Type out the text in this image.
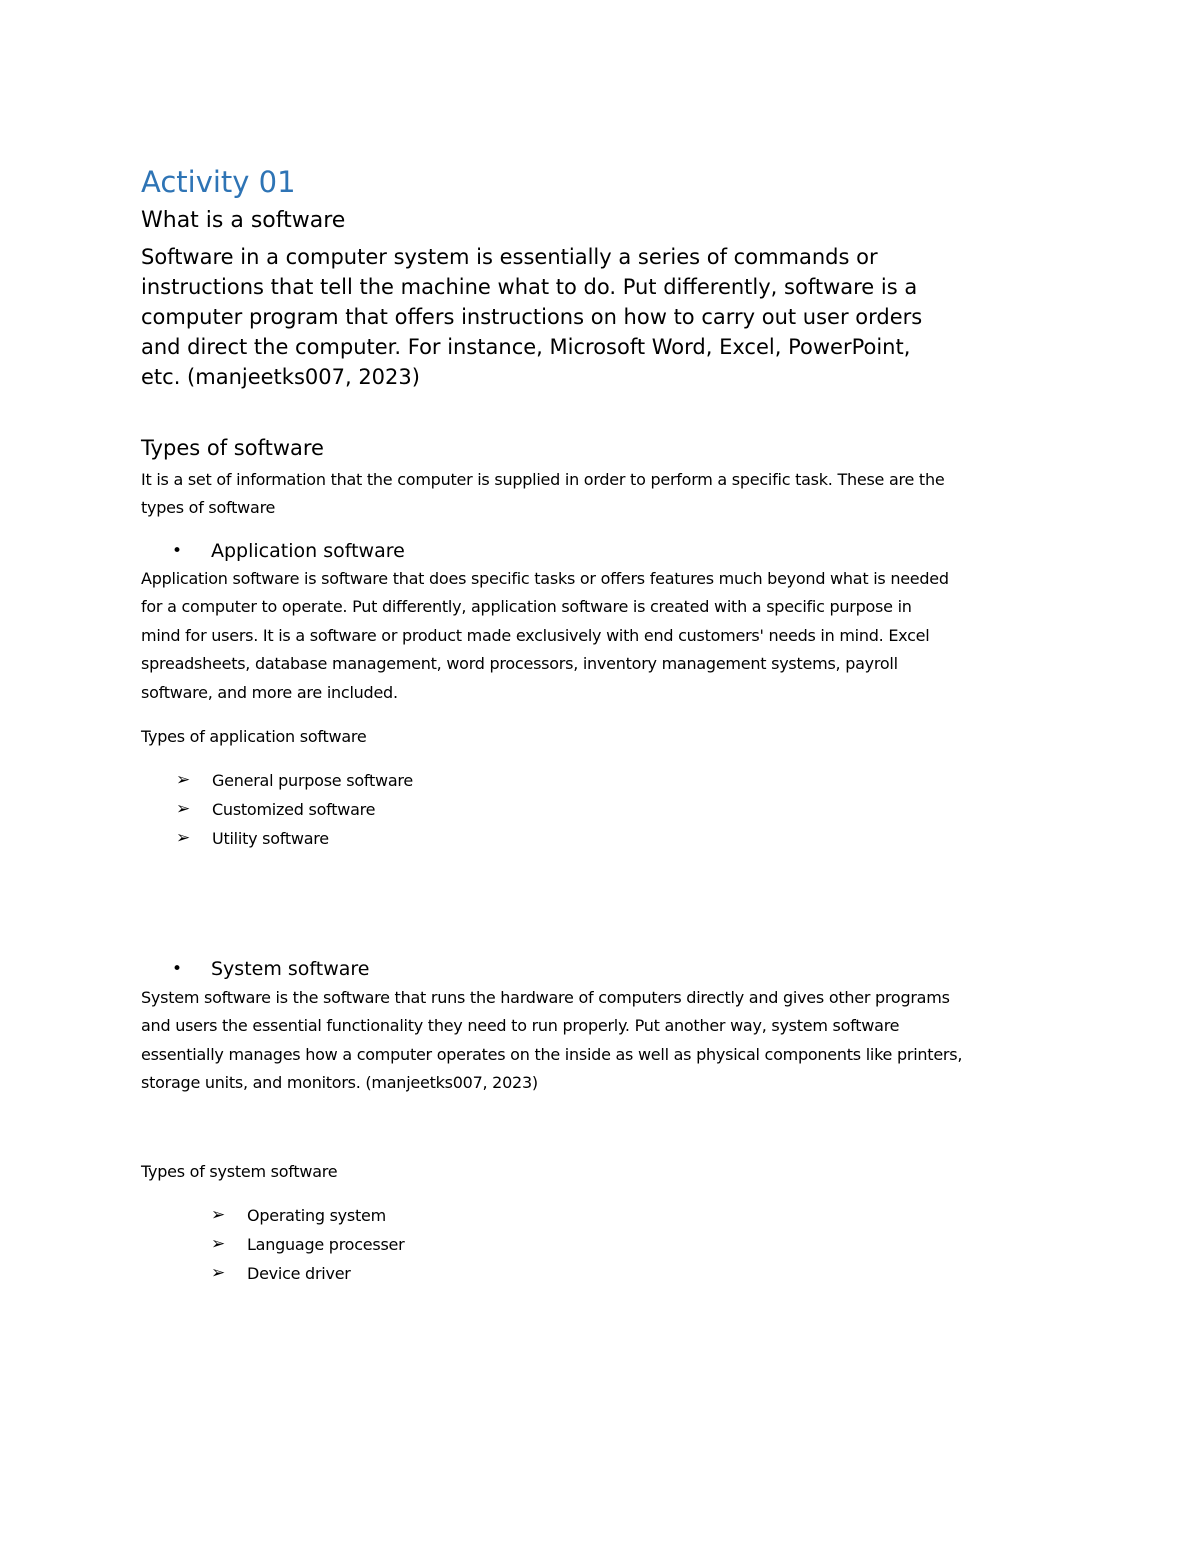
Activity 01
What is a software
Software in a computer system is essentially a series of commands or
instructions that tell the machine what to do. Put differently, software is a
computer program that offers instructions on how to carry out user orders
and direct the computer. For instance, Microsoft Word, Excel, PowerPoint,
etc. (manjeetks007, 2023)
Types of software
It is a set of information that the computer is supplied in order to perform a specific task. These are the
types of software
•	Application software
Application software is software that does specific tasks or offers features much beyond what is needed
for a computer to operate. Put differently, application software is created with a specific purpose in
mind for users. It is a software or product made exclusively with end customers' needs in mind. Excel
spreadsheets, database management, word processors, inventory management systems, payroll
software, and more are included.
Types of application software
➢ General purpose software
➢ Customized software
➢ Utility software
•	System software
System software is the software that runs the hardware of computers directly and gives other programs
and users the essential functionality they need to run properly. Put another way, system software
essentially manages how a computer operates on the inside as well as physical components like printers,
storage units, and monitors. (manjeetks007, 2023)
Types of system software
➢ Operating system
➢ Language processer
➢ Device driver
